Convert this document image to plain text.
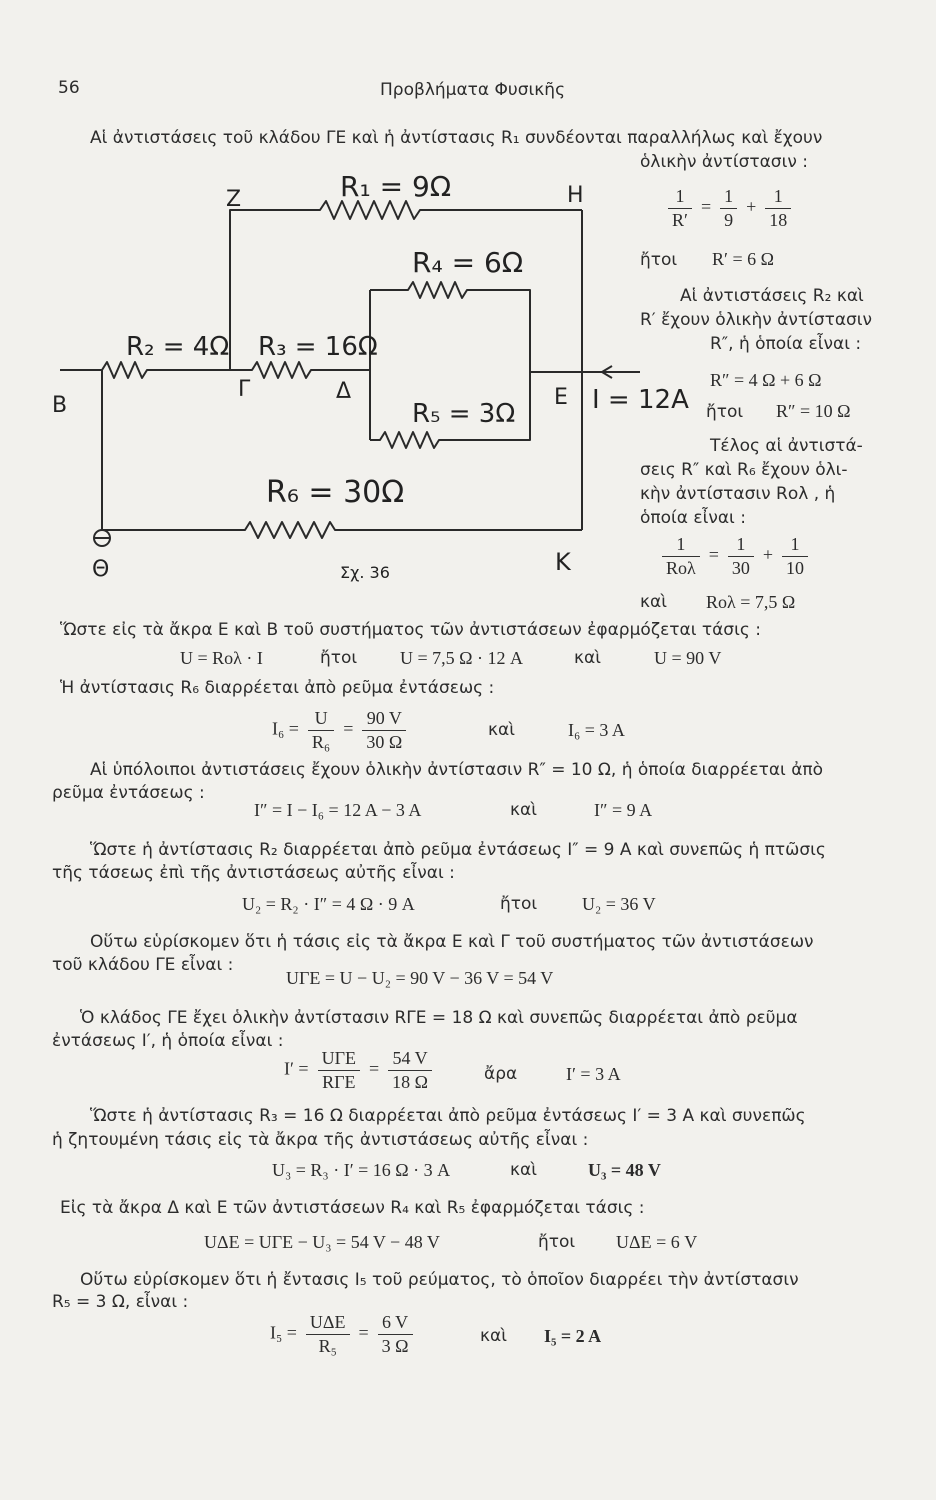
56	Προβλήματα Φυσικῆς
Αἱ ἀντιστάσεις τοῦ κλάδου ΓΕ καὶ ἡ ἀντίστασις R₁ συνδέονται παραλλήλως καὶ ἔχουν
ὁλικὴν ἀντίστασιν :
Z	H
B
Γ	Δ	E
Θ	K
R₁ = 9Ω
R₂ = 4Ω R₃ = 16Ω
R₄ = 6Ω
R₅ = 3Ω
R₆ = 30Ω
I = 12A
Σχ. 36
$\frac{1}{R'} = \frac{1}{9} + \frac{1}{18}$
ἤτοι R′ = 6 Ω
Αἱ ἀντιστάσεις R₂ καὶ
R′ ἔχουν ὁλικὴν ἀντίστασιν
R″, ἡ ὁποία εἶναι :
R″ = 4 Ω + 6 Ω
ἤτοι R″ = 10 Ω
Τέλος αἱ ἀντιστά-
σεις R″ καὶ R₆ ἔχουν ὁλι-
κὴν ἀντίστασιν Rολ , ἡ
ὁποία εἶναι :
1
Rολ
= $\frac{1}{30} + \frac{1}{10}$
καὶ Rολ = 7,5 Ω
Ὥστε εἰς τὰ ἄκρα Ε καὶ Β τοῦ συστήματος τῶν ἀντιστάσεων ἐφαρμόζεται τάσις :
U = Rολ · I	ἤτοι U = 7,5 Ω · 12 A	καὶ	U = 90 V
Ἡ ἀντίστασις R₆ διαρρέεται ἀπὸ ρεῦμα ἐντάσεως :
$I_6 = \frac{U}{\text{R₆}} = \frac{90 V}{30 \Omega}$	καὶ	I₆ = 3 A
Αἱ ὑπόλοιποι ἀντιστάσεις ἔχουν ὁλικὴν ἀντίστασιν R″ = 10 Ω, ἡ ὁποία διαρρέεται ἀπὸ
ρεῦμα ἐντάσεως :
I″ = I − I₆ = 12 A − 3 A	καὶ	I″ = 9 A
Ὥστε ἡ ἀντίστασις R₂ διαρρέεται ἀπὸ ρεῦμα ἐντάσεως I″ = 9 A καὶ συνεπῶς ἡ πτῶσις
τῆς τάσεως ἐπὶ τῆς ἀντιστάσεως αὐτῆς εἶναι :
U₂ = R₂ · I″ = 4 Ω · 9 A	ἤτοι U₂ = 36 V
Οὕτω εὑρίσκομεν ὅτι ἡ τάσις εἰς τὰ ἄκρα Ε καὶ Γ τοῦ συστήματος τῶν ἀντιστάσεων
τοῦ κλάδου ΓΕ εἶναι :
UΓΕ = U − U₂ = 90 V − 36 V = 54 V
Ὁ κλάδος ΓΕ ἔχει ὁλικὴν ἀντίστασιν RΓΕ = 18 Ω καὶ συνεπῶς διαρρέεται ἀπὸ ρεῦμα
ἐντάσεως I′, ἡ ὁποία εἶναι :
I′ =
UΓΕ
RΓΕ
= $\frac{54 V}{18 \Omega}$	ἄρα	I′ = 3 A
Ὥστε ἡ ἀντίστασις R₃ = 16 Ω διαρρέεται ἀπὸ ρεῦμα ἐντάσεως I′ = 3 A καὶ συνεπῶς
ἡ ζητουμένη τάσις εἰς τὰ ἄκρα τῆς ἀντιστάσεως αὐτῆς εἶναι :
U₃ = R₃ · I′ = 16 Ω · 3 A	καὶ	U₃ = 48 V
Εἰς τὰ ἄκρα Δ καὶ Ε τῶν ἀντιστάσεων R₄ καὶ R₅ ἐφαρμόζεται τάσις :
UΔΕ = UΓΕ − U₃ = 54 V − 48 V	ἤτοι UΔΕ = 6 V
Οὕτω εὑρίσκομεν ὅτι ἡ ἔντασις I₅ τοῦ ρεύματος, τὸ ὁποῖον διαρρέει τὴν ἀντίστασιν
R₅ = 3 Ω, εἶναι :
I₅ =
UΔΕ
R₅
= $\frac{6 V}{3 \Omega}$	καὶ I₅ = 2 A
